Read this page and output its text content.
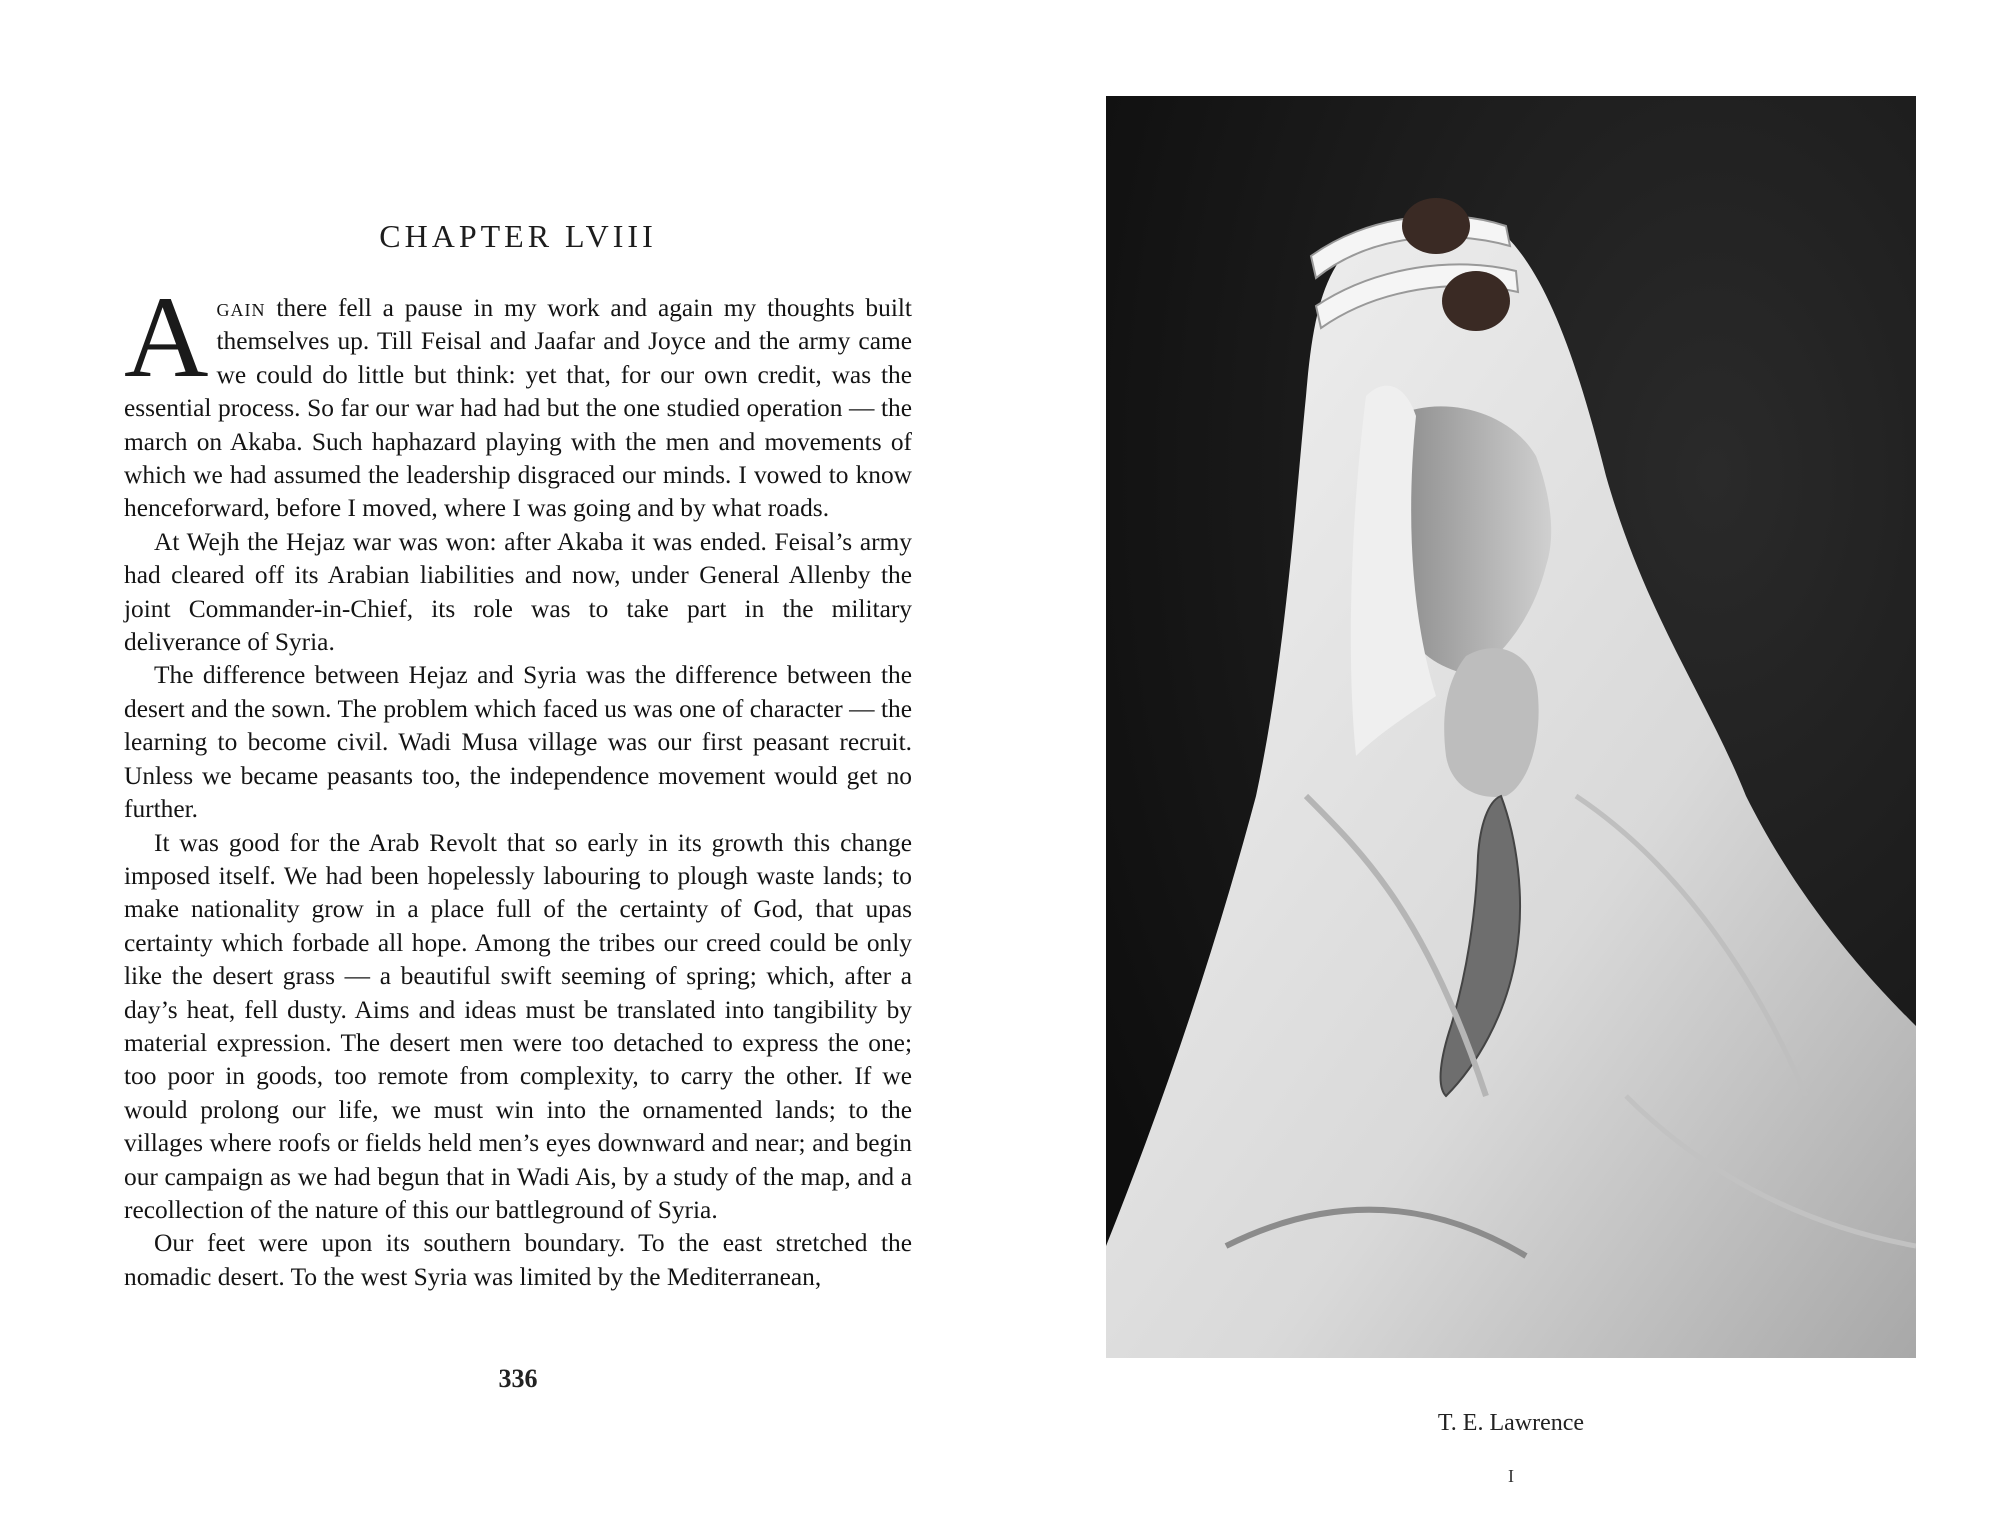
CHAPTER LVIII

Again there fell a pause in my work and again my thoughts built themselves up. Till Feisal and Jaafar and Joyce and the army came we could do little but think: yet that, for our own credit, was the essential process. So far our war had had but the one studied operation — the march on Akaba. Such haphazard playing with the men and movements of which we had assumed the leadership disgraced our minds. I vowed to know henceforward, before I moved, where I was going and by what roads.

At Wejh the Hejaz war was won: after Akaba it was ended. Feisal’s army had cleared off its Arabian liabilities and now, under General Allenby the joint Commander-in-Chief, its role was to take part in the military deliverance of Syria.

The difference between Hejaz and Syria was the difference between the desert and the sown. The problem which faced us was one of character — the learning to become civil. Wadi Musa village was our first peasant recruit. Unless we became peasants too, the independence movement would get no further.

It was good for the Arab Revolt that so early in its growth this change imposed itself. We had been hopelessly labouring to plough waste lands; to make nationality grow in a place full of the certainty of God, that upas certainty which forbade all hope. Among the tribes our creed could be only like the desert grass — a beautiful swift seeming of spring; which, after a day’s heat, fell dusty. Aims and ideas must be translated into tangibility by material expression. The desert men were too detached to express the one; too poor in goods, too remote from complexity, to carry the other. If we would prolong our life, we must win into the ornamented lands; to the villages where roofs or fields held men’s eyes downward and near; and begin our campaign as we had begun that in Wadi Ais, by a study of the map, and a recollection of the nature of this our battleground of Syria.

Our feet were upon its southern boundary. To the east stretched the nomadic desert. To the west Syria was limited by the Mediterranean,

336
T. E. Lawrence
I
